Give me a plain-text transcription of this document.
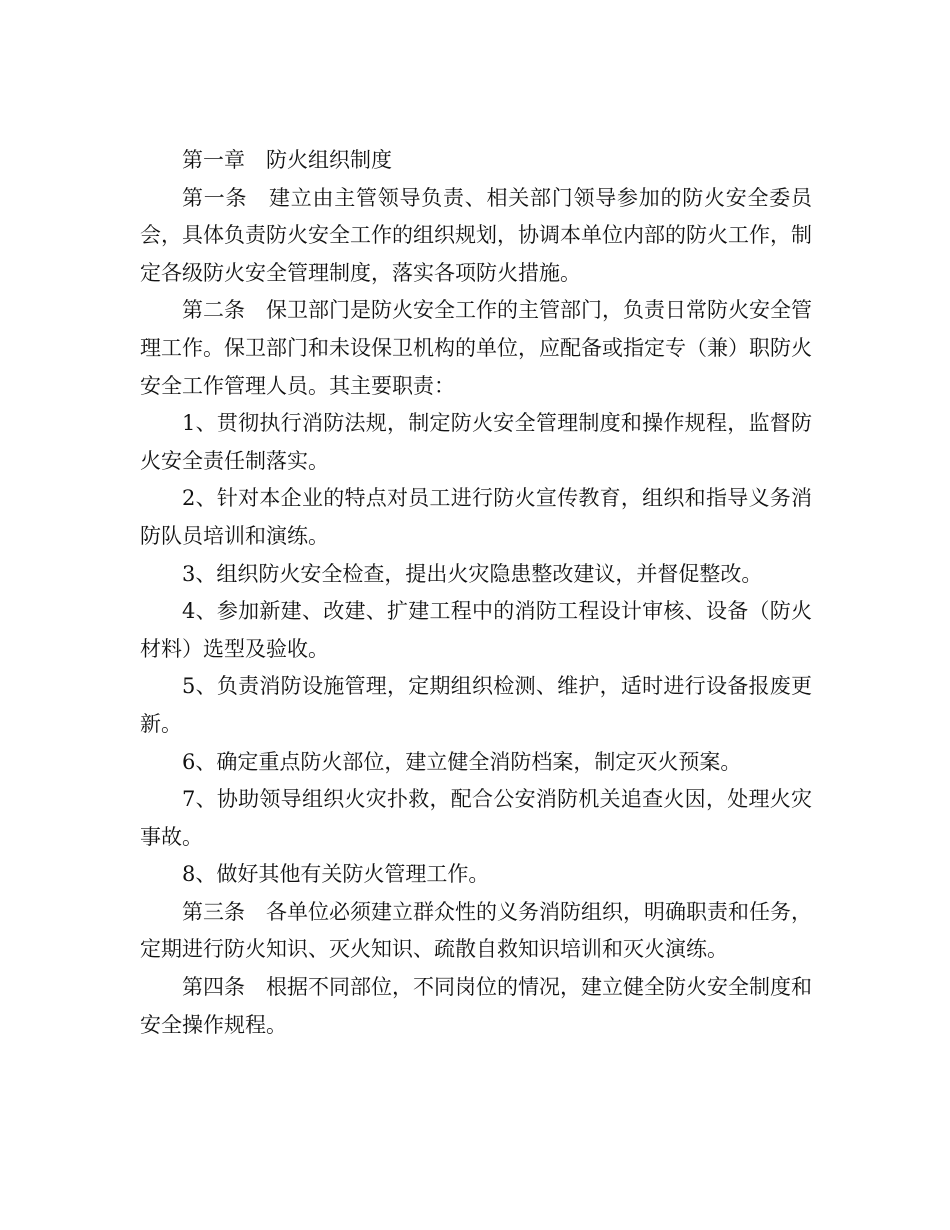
第一章　防火组织制度

第一条　建立由主管领导负责、相关部门领导参加的防火安全委员会，具体负责防火安全工作的组织规划，协调本单位内部的防火工作，制定各级防火安全管理制度，落实各项防火措施。

第二条　保卫部门是防火安全工作的主管部门，负责日常防火安全管理工作。保卫部门和未设保卫机构的单位，应配备或指定专（兼）职防火安全工作管理人员。其主要职责：

1、贯彻执行消防法规，制定防火安全管理制度和操作规程，监督防火安全责任制落实。

2、针对本企业的特点对员工进行防火宣传教育，组织和指导义务消防队员培训和演练。

3、组织防火安全检查，提出火灾隐患整改建议，并督促整改。

4、参加新建、改建、扩建工程中的消防工程设计审核、设备（防火材料）选型及验收。

5、负责消防设施管理，定期组织检测、维护，适时进行设备报废更新。

6、确定重点防火部位，建立健全消防档案，制定灭火预案。

7、协助领导组织火灾扑救，配合公安消防机关追查火因，处理火灾事故。

8、做好其他有关防火管理工作。

第三条　各单位必须建立群众性的义务消防组织，明确职责和任务，定期进行防火知识、灭火知识、疏散自救知识培训和灭火演练。

第四条　根据不同部位，不同岗位的情况，建立健全防火安全制度和安全操作规程。
